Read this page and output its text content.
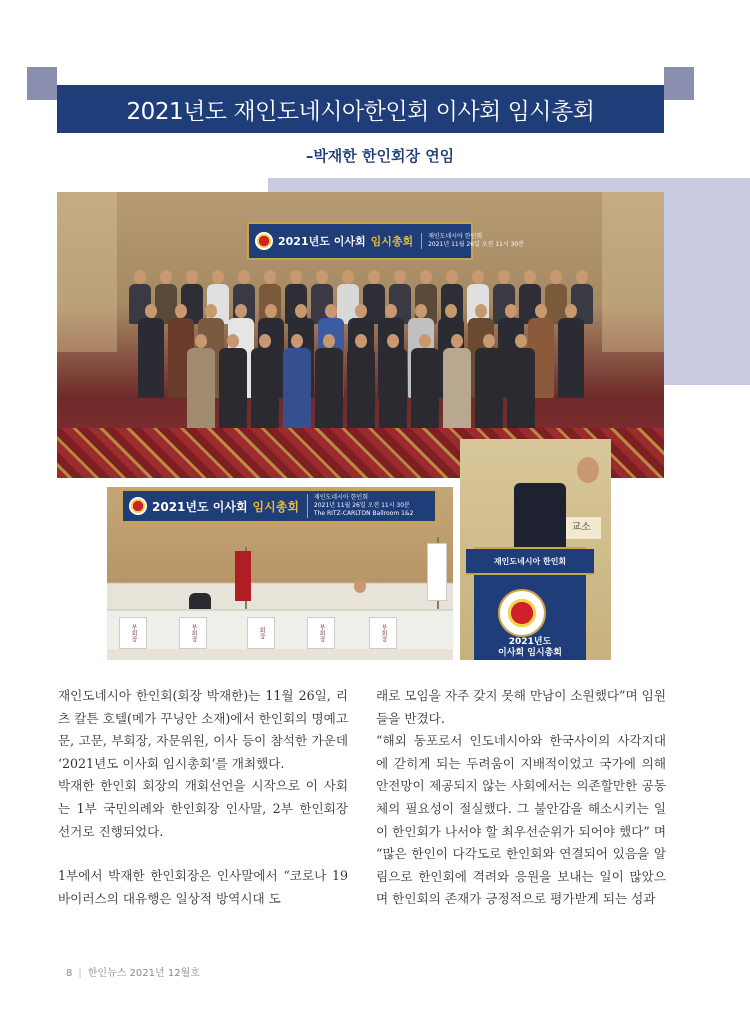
2021년도 재인도네시아한인회 이사회 임시총회
–박재한 한인회장 연임
2021년도 이사회 임시총회	재인도네시아 한인회
2021년 11월 26일 오전 11시 30분
2021년도 이사회 임시총회
재인도네시아 한인회
2021년 11월 26일 오전 11시 30분
The RITZ-CARLTON Ballroom 1&2
부회장	부회장	회장	부회장	부회장
교소
재인도네시아 한인회
2021년도
이사회 임시총회

재인도네시아 한인회(회장 박재한)는 11월 26일, 리츠 칼튼 호텔(메가 꾸닝안 소재)에서 한인회의 명예고문, 고문, 부회장, 자문위원, 이사 등이 참석한 가운데 ‘2021년도 이사회 임시총회’를 개최했다.

박재한 한인회 회장의 개회선언을 시작으로 이 사회는 1부 국민의례와 한인회장 인사말, 2부 한인회장 선거로 진행되었다.

1부에서 박재한 한인회장은 인사말에서 “코로나 19바이러스의 대유행은 일상적 방역시대 도

래로 모임을 자주 갖지 못해 만남이 소원했다”며 임원들을 반겼다.

“해외 동포로서 인도네시아와 한국사이의 사각지대에 갇히게 되는 두려움이 지배적이었고 국가에 의해 안전망이 제공되지 않는 사회에서는 의존할만한 공동체의 필요성이 절실했다. 그 불안감을 해소시키는 일이 한인회가 나서야 할 최우선순위가 되어야 했다” 며 “많은 한인이 다각도로 한인회와 연결되어 있음을 알림으로 한인회에 격려와 응원을 보내는 일이 많았으며 한인회의 존재가 긍정적으로 평가받게 되는 성과

8 | 한인뉴스 2021년 12월호
